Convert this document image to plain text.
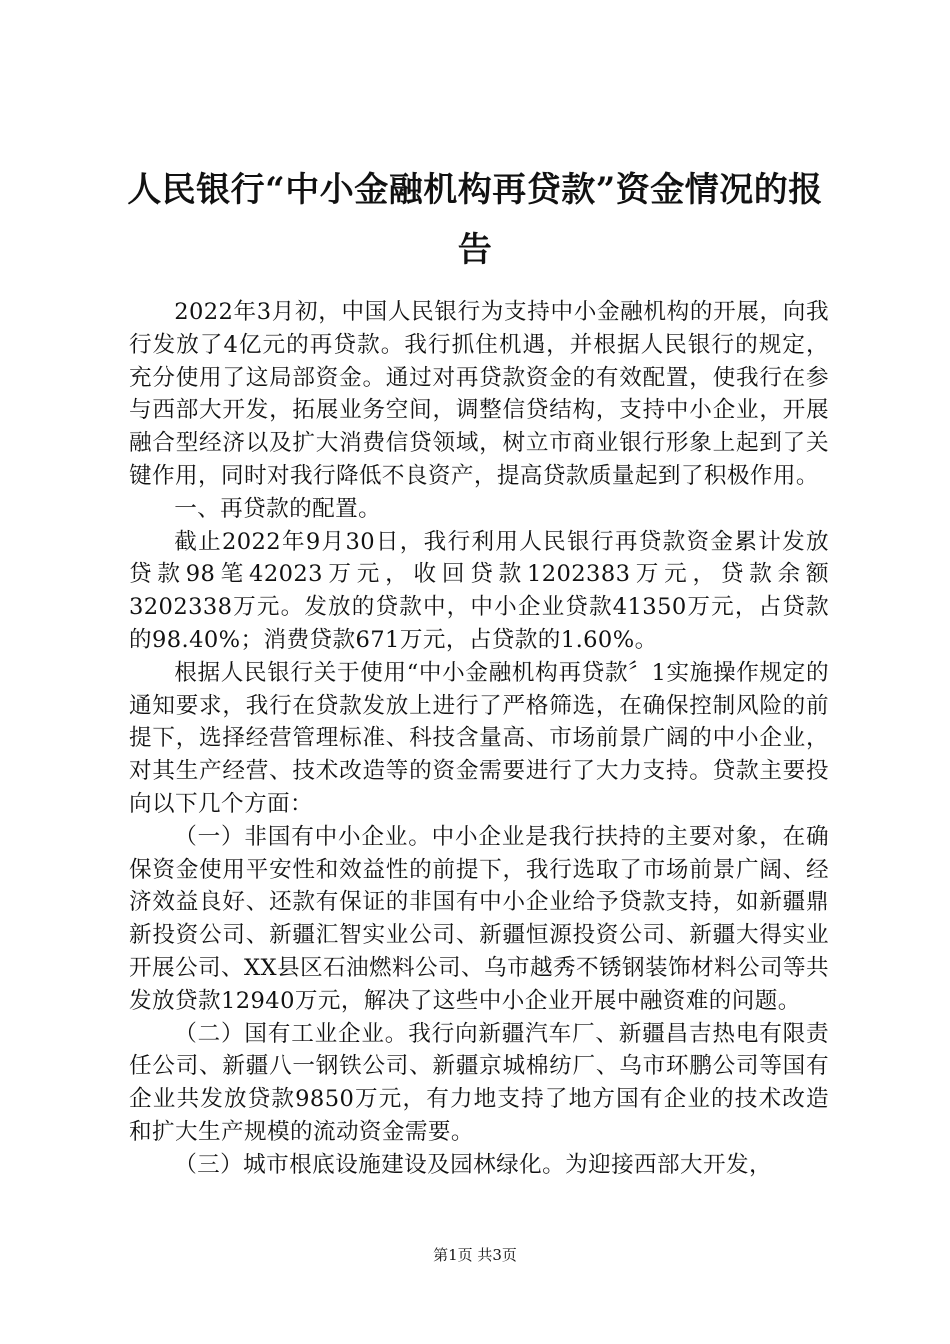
人民银行“中小金融机构再贷款”资金情况的报告

2022年3月初，中国人民银行为支持中小金融机构的开展，向我行发放了4亿元的再贷款。我行抓住机遇，并根据人民银行的规定，充分使用了这局部资金。通过对再贷款资金的有效配置，使我行在参与西部大开发，拓展业务空间，调整信贷结构，支持中小企业，开展融合型经济以及扩大消费信贷领域，树立市商业银行形象上起到了关键作用，同时对我行降低不良资产，提高贷款质量起到了积极作用。

一、再贷款的配置。

截止2022年9月30日，我行利用人民银行再贷款资金累计发放贷款98笔42023万元，收回贷款1202383万元，贷款余额3202338万元。发放的贷款中，中小企业贷款41350万元，占贷款的98.40%；消费贷款671万元，占贷款的1.60%。

根据人民银行关于使用“中小金融机构再贷款〞1实施操作规定的通知要求，我行在贷款发放上进行了严格筛选，在确保控制风险的前提下，选择经营管理标准、科技含量高、市场前景广阔的中小企业，对其生产经营、技术改造等的资金需要进行了大力支持。贷款主要投向以下几个方面：

（一）非国有中小企业。中小企业是我行扶持的主要对象，在确保资金使用平安性和效益性的前提下，我行选取了市场前景广阔、经济效益良好、还款有保证的非国有中小企业给予贷款支持，如新疆鼎新投资公司、新疆汇智实业公司、新疆恒源投资公司、新疆大得实业开展公司、XX县区石油燃料公司、乌市越秀不锈钢装饰材料公司等共发放贷款12940万元，解决了这些中小企业开展中融资难的问题。

（二）国有工业企业。我行向新疆汽车厂、新疆昌吉热电有限责任公司、新疆八一钢铁公司、新疆京城棉纺厂、乌市环鹏公司等国有企业共发放贷款9850万元，有力地支持了地方国有企业的技术改造和扩大生产规模的流动资金需要。

（三）城市根底设施建设及园林绿化。为迎接西部大开发，

第1页 共3页
